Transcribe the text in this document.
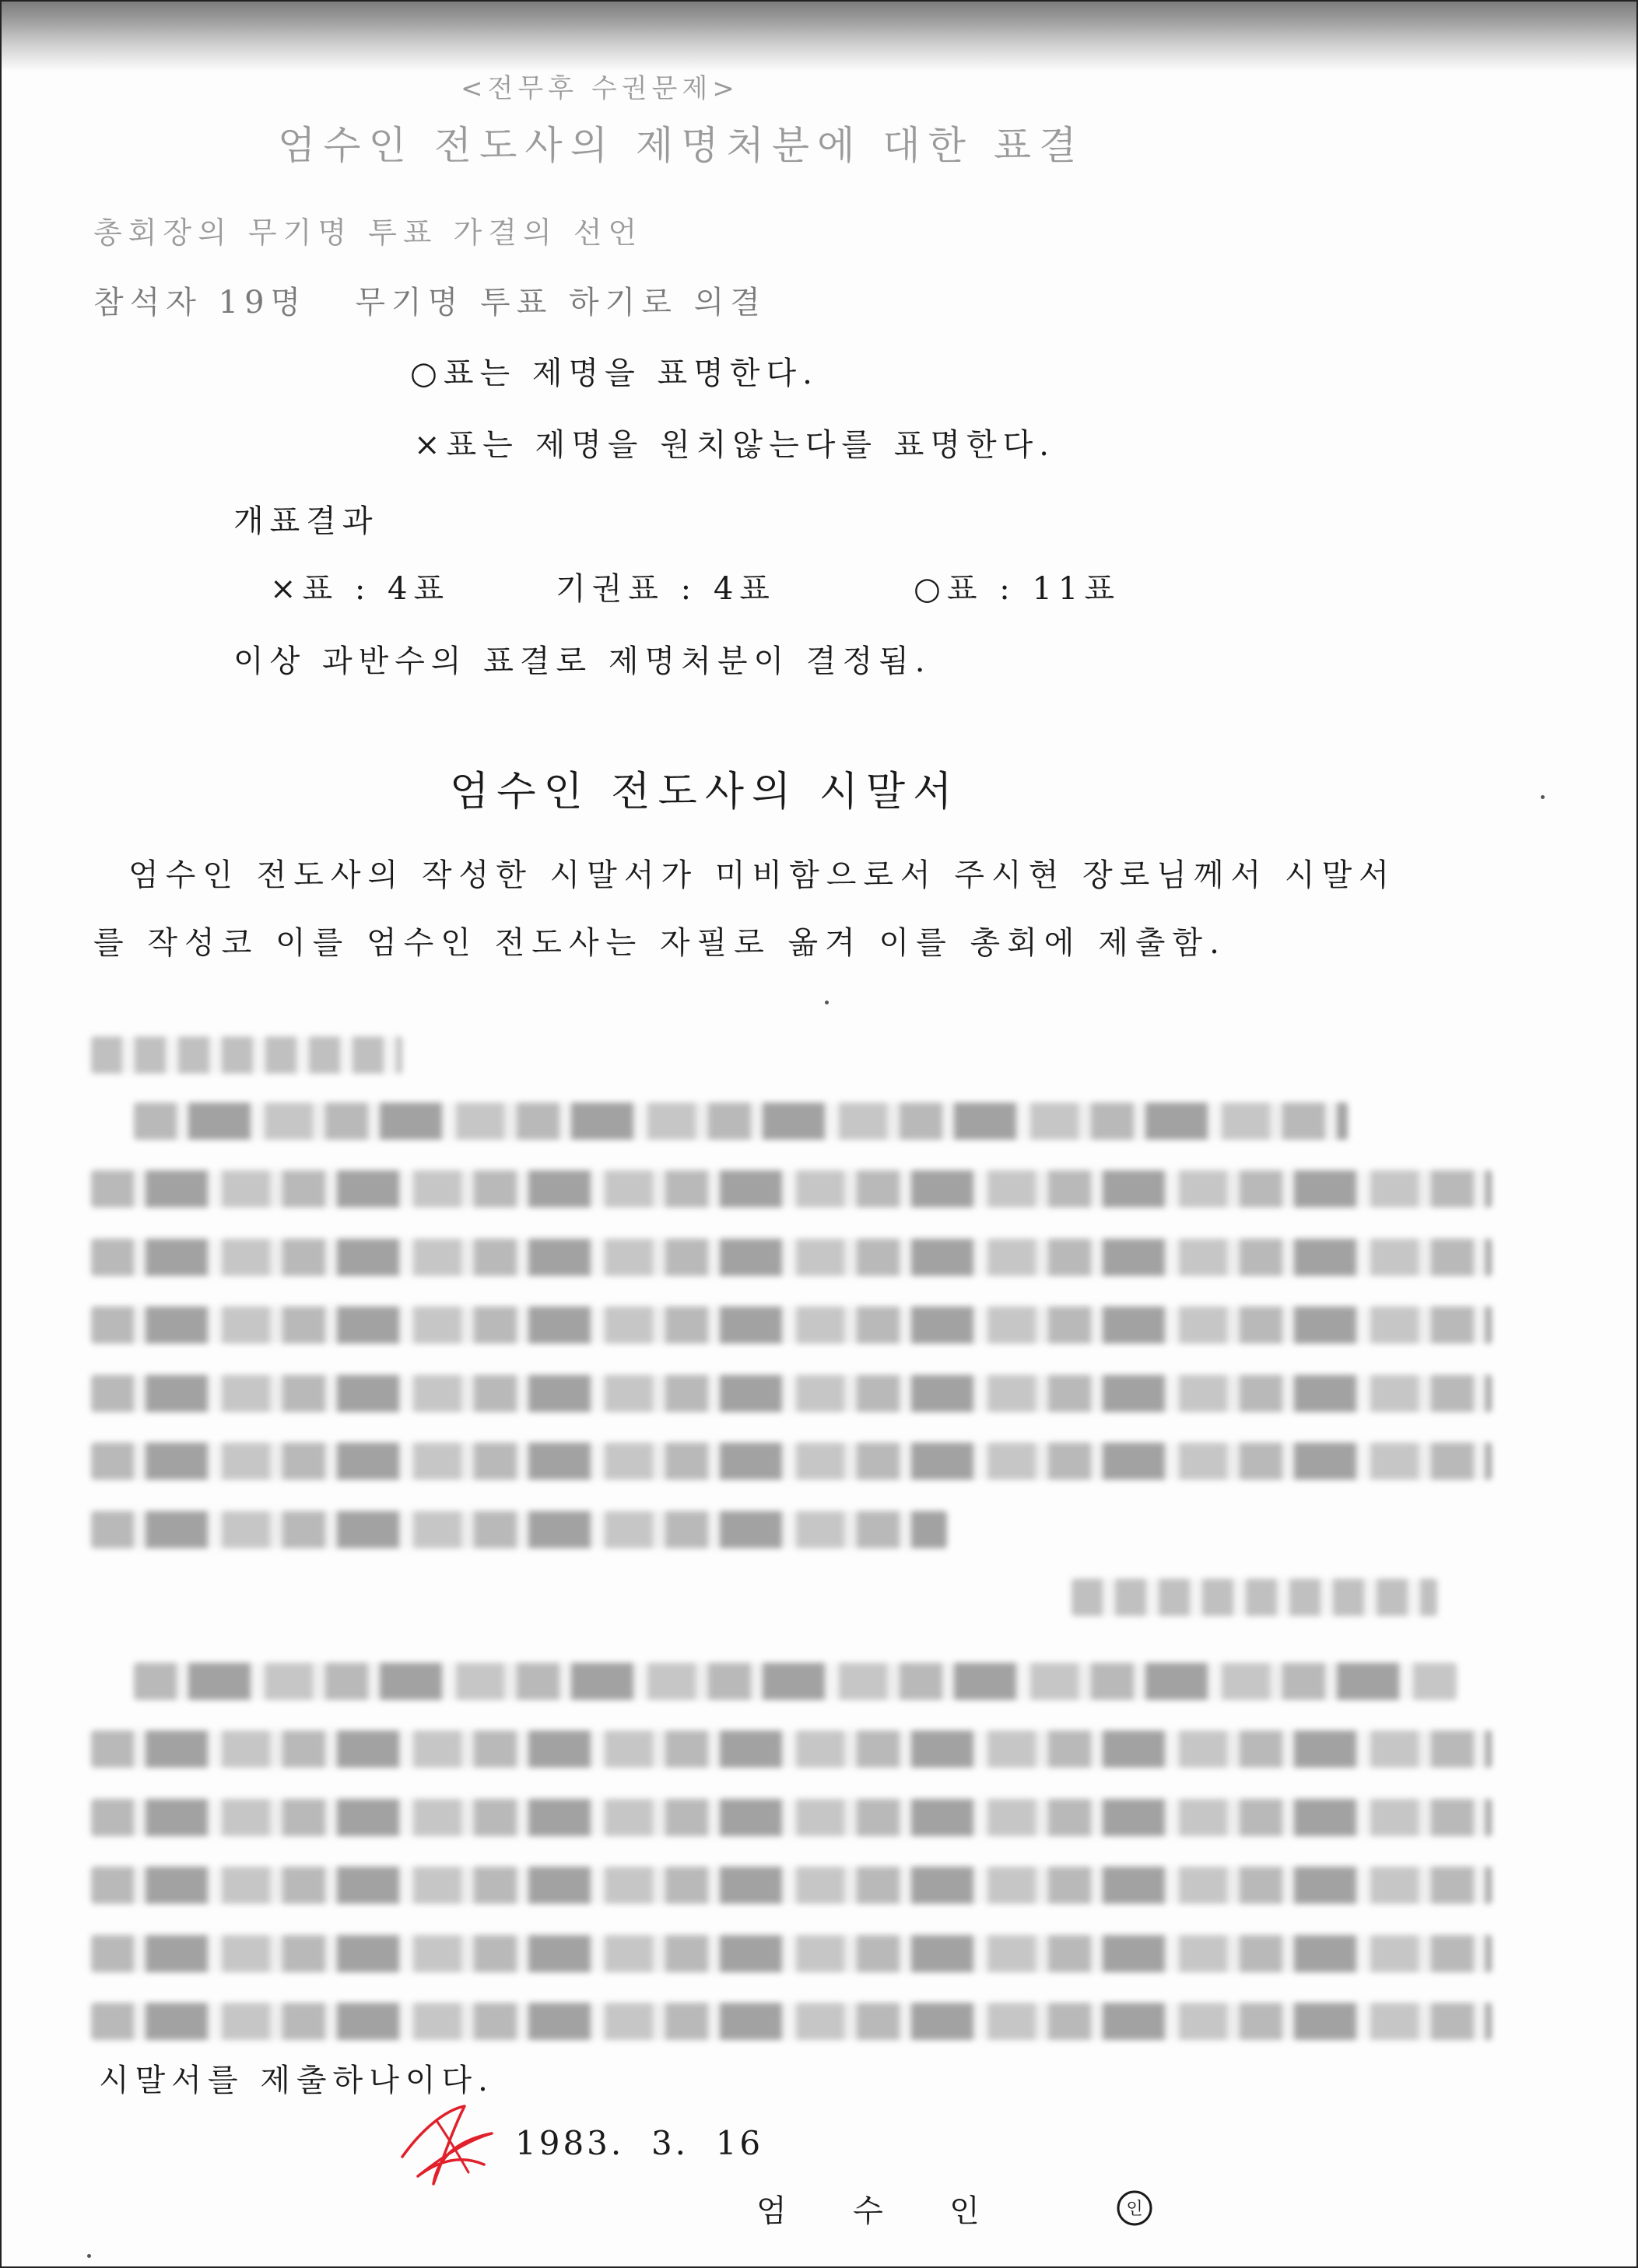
<전무후 수권문제>
엄수인 전도사의 제명처분에 대한 표결
총회장의 무기명 투표 가결의 선언
참석자 19명   무기명 투표 하기로 의결
○표는 제명을 표명한다.
×표는 제명을 원치않는다를 표명한다.
개표결과
×표 : 4표	기권표 : 4표	○표 : 11표
이상 과반수의 표결로 제명처분이 결정됨.
엄수인 전도사의 시말서
엄수인 전도사의 작성한 시말서가 미비함으로서 주시현 장로님께서 시말서
를 작성코 이를 엄수인 전도사는 자필로 옮겨 이를 총회에 제출함.
시말서를 제출하나이다.
1983.  3.  16
엄  수  인	인
